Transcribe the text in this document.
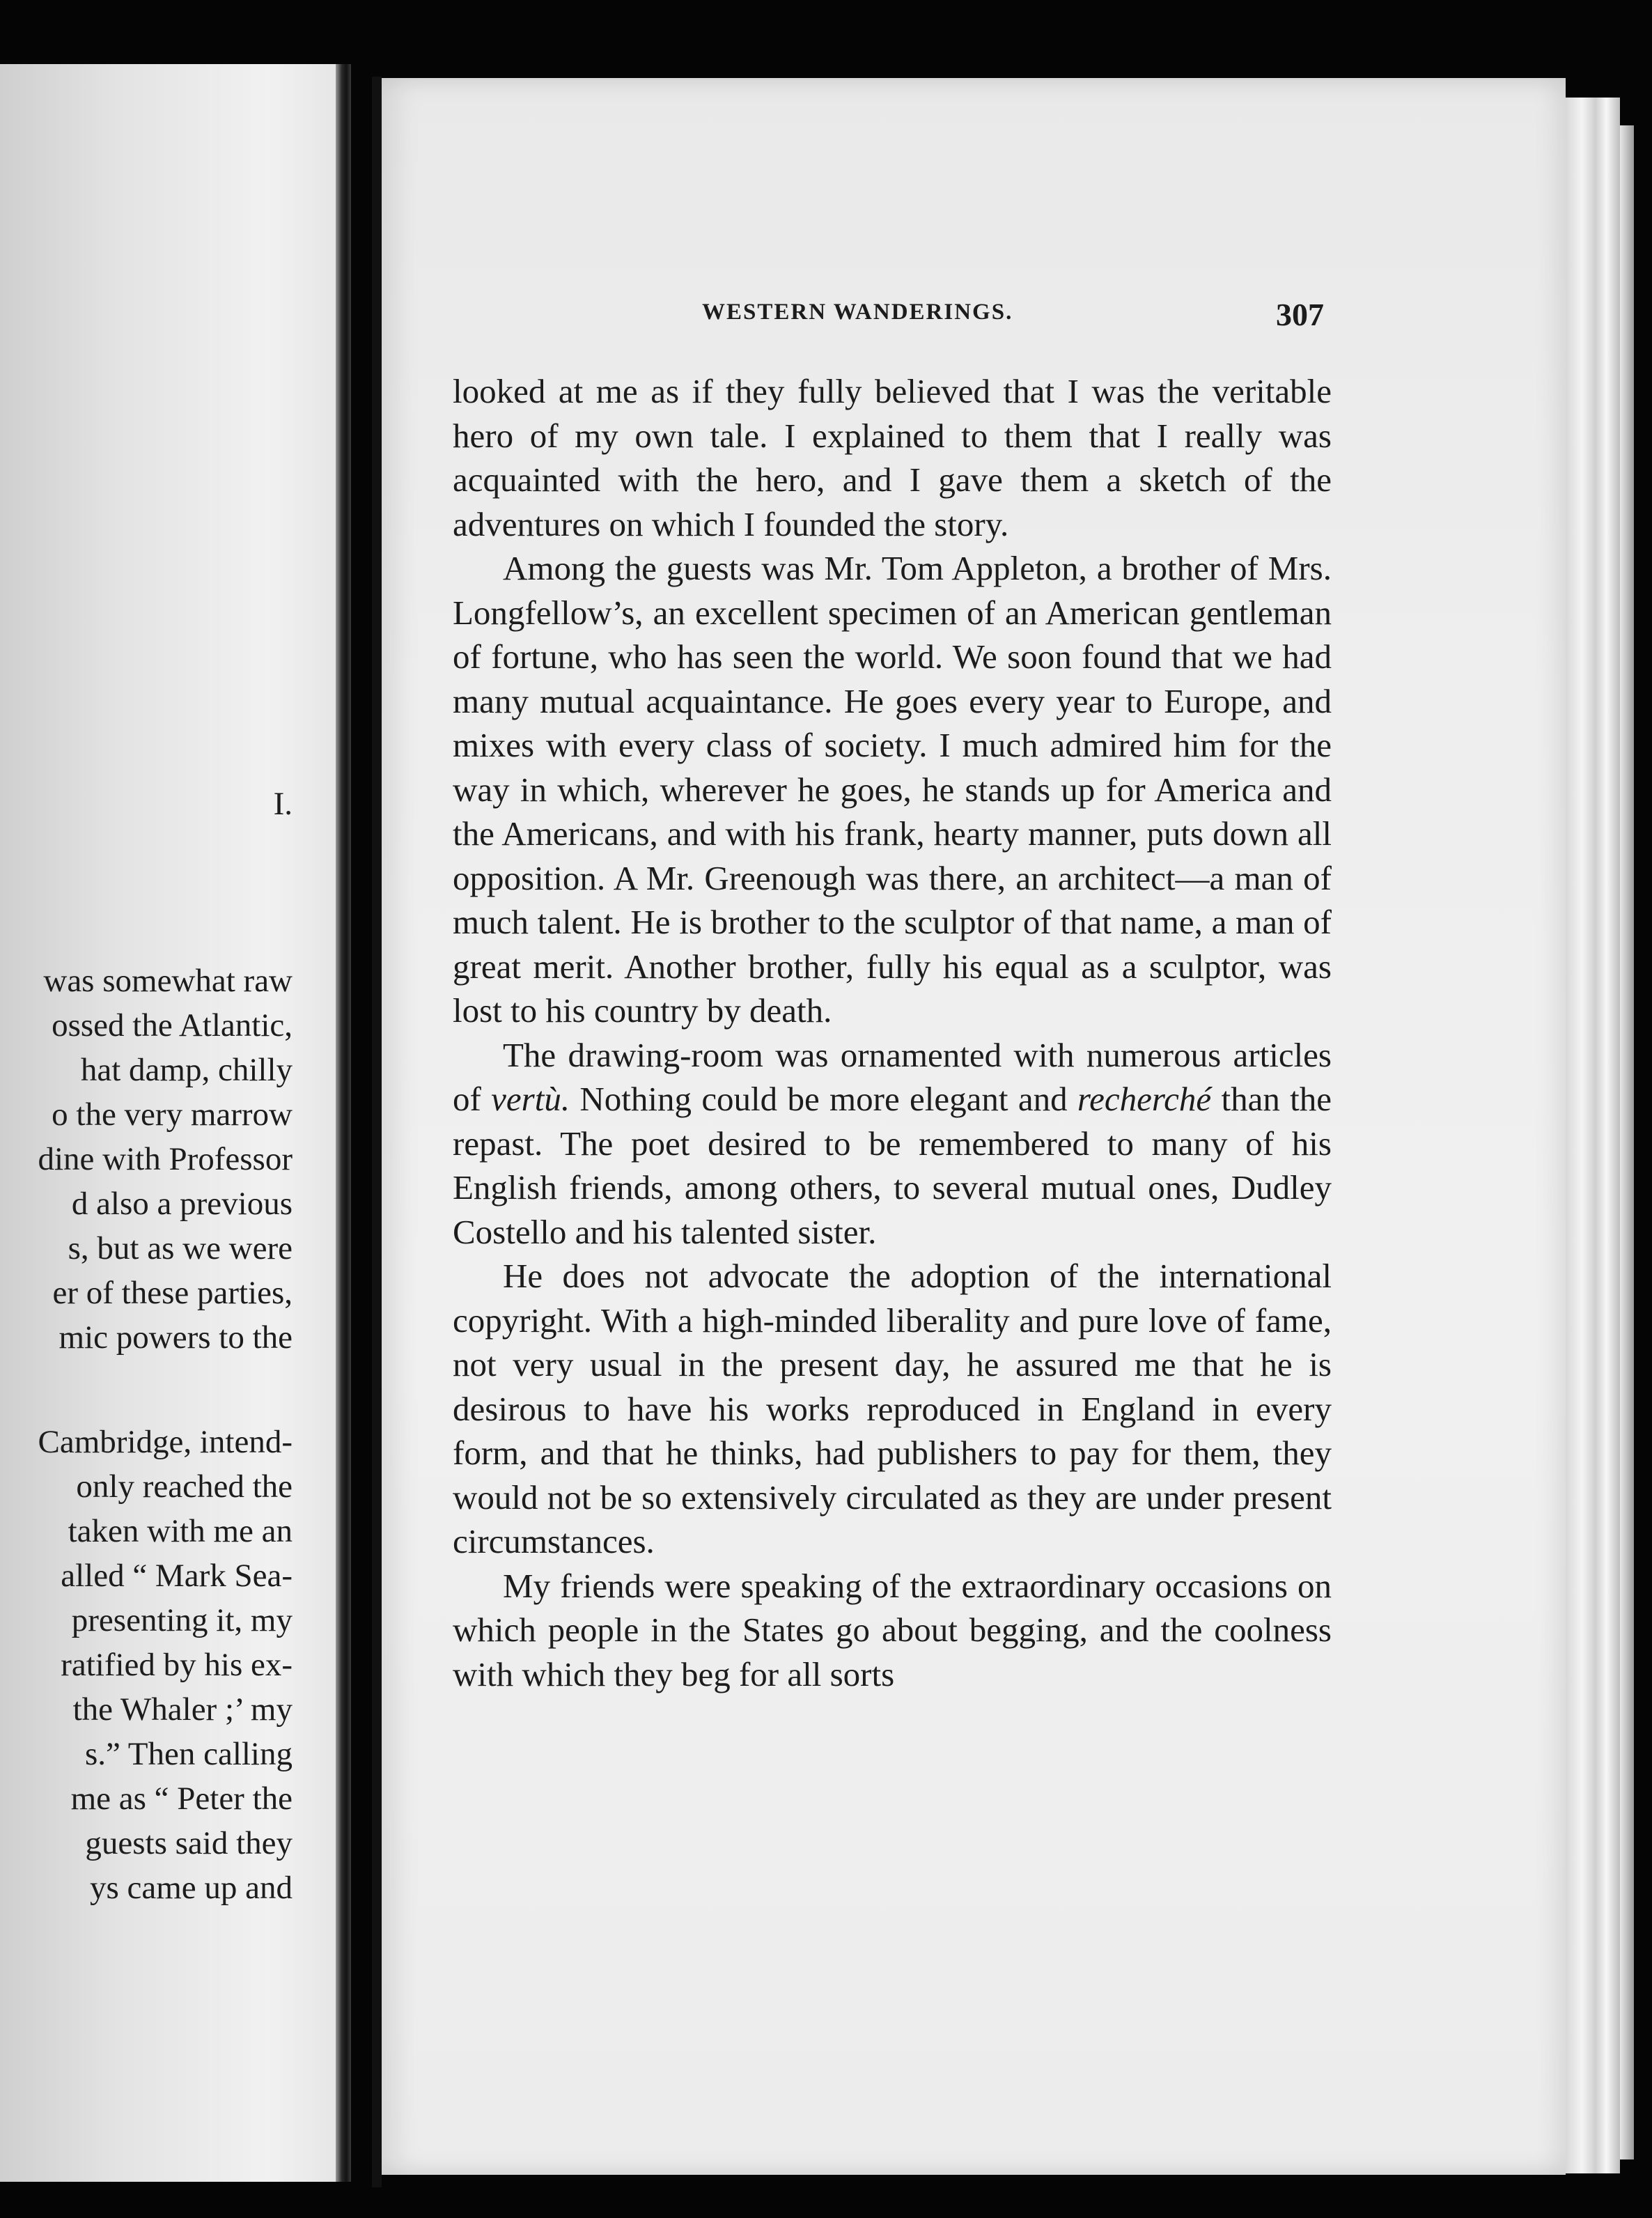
I.
was somewhat raw
ossed the Atlantic,
hat damp, chilly
o the very marrow
dine with Professor
d also a previous
s, but as we were
er of these parties,
mic powers to the
Cambridge, intend-
only reached the
taken with me an
alled “ Mark Sea-
presenting it, my
ratified by his ex-
the Whaler ;’ my
s.” Then calling
me as “ Peter the
guests said they
ys came up and
WESTERN WANDERINGS.	307

looked at me as if they fully believed that I was the veritable hero of my own tale. I explained to them that I really was acquainted with the hero, and I gave them a sketch of the adventures on which I founded the story.

Among the guests was Mr. Tom Appleton, a brother of Mrs. Longfellow’s, an excellent specimen of an American gentleman of fortune, who has seen the world. We soon found that we had many mutual acquaintance. He goes every year to Europe, and mixes with every class of society. I much admired him for the way in which, wherever he goes, he stands up for America and the Americans, and with his frank, hearty manner, puts down all opposition. A Mr. Greenough was there, an architect—a man of much talent. He is brother to the sculptor of that name, a man of great merit. Another brother, fully his equal as a sculptor, was lost to his country by death.

The drawing-room was ornamented with numerous articles of vertù. Nothing could be more elegant and recherché than the repast. The poet desired to be remembered to many of his English friends, among others, to several mutual ones, Dudley Costello and his talented sister.

He does not advocate the adoption of the international copyright. With a high-minded liberality and pure love of fame, not very usual in the present day, he assured me that he is desirous to have his works reproduced in England in every form, and that he thinks, had publishers to pay for them, they would not be so extensively circulated as they are under present circumstances.

My friends were speaking of the extraordinary occasions on which people in the States go about begging, and the coolness with which they beg for all sorts
